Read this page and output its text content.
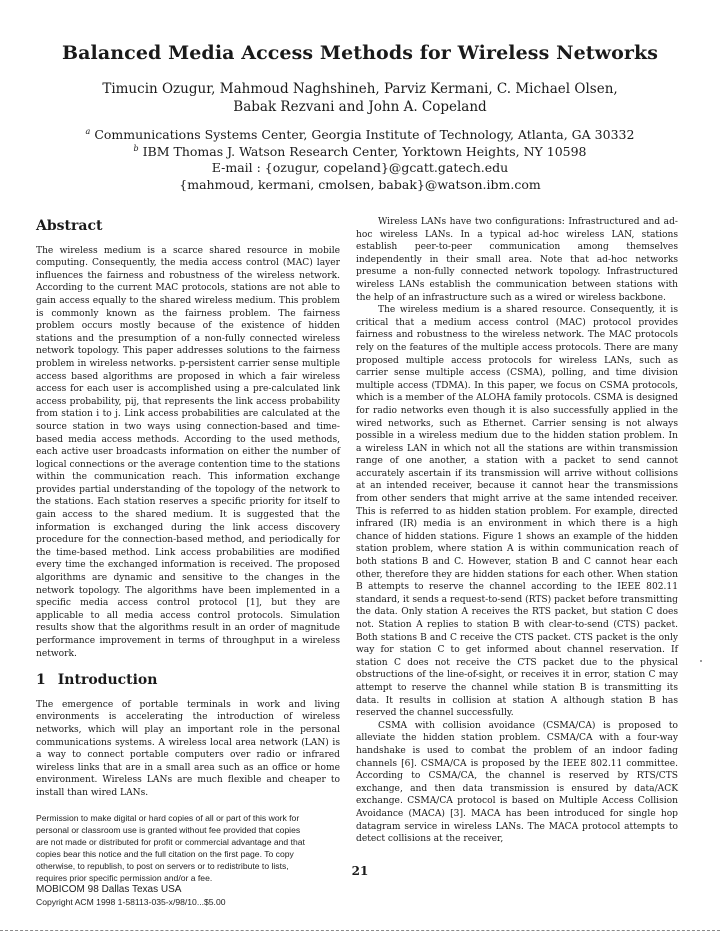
Balanced Media Access Methods for Wireless Networks
Timucin Ozugur, Mahmoud Naghshineh, Parviz Kermani, C. Michael Olsen,
Babak Rezvani and John A. Copeland
$^a$ Communications Systems Center, Georgia Institute of Technology, Atlanta, GA 30332
$^b$ IBM Thomas J. Watson Research Center, Yorktown Heights, NY 10598
E-mail : {ozugur, copeland}@gcatt.gatech.edu
{mahmoud, kermani, cmolsen, babak}@watson.ibm.com
Abstract

The wireless medium is a scarce shared resource in mobile computing. Consequently, the media access control (MAC) layer influences the fairness and robustness of the wireless network. According to the current MAC protocols, stations are not able to gain access equally to the shared wireless medium. This problem is commonly known as the fairness problem. The fairness problem occurs mostly because of the existence of hidden stations and the presumption of a non-fully connected wireless network topology. This paper addresses solutions to the fairness problem in wireless networks. p-persistent carrier sense multiple access based algorithms are proposed in which a fair wireless access for each user is accomplished using a pre-calculated link access probability, pij, that represents the link access probability from station i to j. Link access probabilities are calculated at the source station in two ways using connection-based and time-based media access methods. According to the used methods, each active user broadcasts information on either the number of logical connections or the average contention time to the stations within the communication reach. This information exchange provides partial understanding of the topology of the network to the stations. Each station reserves a specific priority for itself to gain access to the shared medium. It is suggested that the information is exchanged during the link access discovery procedure for the connection-based method, and periodically for the time-based method. Link access probabilities are modified every time the exchanged information is received. The proposed algorithms are dynamic and sensitive to the changes in the network topology. The algorithms have been implemented in a specific media access control protocol [1], but they are applicable to all media access control protocols. Simulation results show that the algorithms result in an order of magnitude performance improvement in terms of throughput in a wireless network.

1 Introduction

The emergence of portable terminals in work and living environments is accelerating the introduction of wireless networks, which will play an important role in the personal communications systems. A wireless local area network (LAN) is a way to connect portable computers over radio or infrared wireless links that are in a small area such as an office or home environment. Wireless LANs are much flexible and cheaper to install than wired LANs.

Permission to make digital or hard copies of all or part of this work for
personal or classroom use is granted without fee provided that copies
are not made or distributed for profit or commercial advantage and that
copies bear this notice and the full citation on the first page. To copy
otherwise, to republish, to post on servers or to redistribute to lists,
requires prior specific permission and/or a fee.
MOBICOM 98 Dallas Texas USA
Copyright ACM 1998 1-58113-035-x/98/10...$5.00

Wireless LANs have two configurations: Infrastructured and ad-hoc wireless LANs. In a typical ad-hoc wireless LAN, stations establish peer-to-peer communication among themselves independently in their small area. Note that ad-hoc networks presume a non-fully connected network topology. Infrastructured wireless LANs establish the communication between stations with the help of an infrastructure such as a wired or wireless backbone.

The wireless medium is a shared resource. Consequently, it is critical that a medium access control (MAC) protocol provides fairness and robustness to the wireless network. The MAC protocols rely on the features of the multiple access protocols. There are many proposed multiple access protocols for wireless LANs, such as carrier sense multiple access (CSMA), polling, and time division multiple access (TDMA). In this paper, we focus on CSMA protocols, which is a member of the ALOHA family protocols. CSMA is designed for radio networks even though it is also successfully applied in the wired networks, such as Ethernet. Carrier sensing is not always possible in a wireless medium due to the hidden station problem. In a wireless LAN in which not all the stations are within transmission range of one another, a station with a packet to send cannot accurately ascertain if its transmission will arrive without collisions at an intended receiver, because it cannot hear the transmissions from other senders that might arrive at the same intended receiver. This is referred to as hidden station problem. For example, directed infrared (IR) media is an environment in which there is a high chance of hidden stations. Figure 1 shows an example of the hidden station problem, where station A is within communication reach of both stations B and C. However, station B and C cannot hear each other, therefore they are hidden stations for each other. When station B attempts to reserve the channel according to the IEEE 802.11 standard, it sends a request-to-send (RTS) packet before transmitting the data. Only station A receives the RTS packet, but station C does not. Station A replies to station B with clear-to-send (CTS) packet. Both stations B and C receive the CTS packet. CTS packet is the only way for station C to get informed about channel reservation. If station C does not receive the CTS packet due to the physical obstructions of the line-of-sight, or receives it in error, station C may attempt to reserve the channel while station B is transmitting its data. It results in collision at station A although station B has reserved the channel successfully.

CSMA with collision avoidance (CSMA/CA) is proposed to alleviate the hidden station problem. CSMA/CA with a four-way handshake is used to combat the problem of an indoor fading channels [6]. CSMA/CA is proposed by the IEEE 802.11 committee. According to CSMA/CA, the channel is reserved by RTS/CTS exchange, and then data transmission is ensured by data/ACK exchange. CSMA/CA protocol is based on Multiple Access Collision Avoidance (MACA) [3]. MACA has been introduced for single hop datagram service in wireless LANs. The MACA protocol attempts to detect collisions at the receiver,

21
